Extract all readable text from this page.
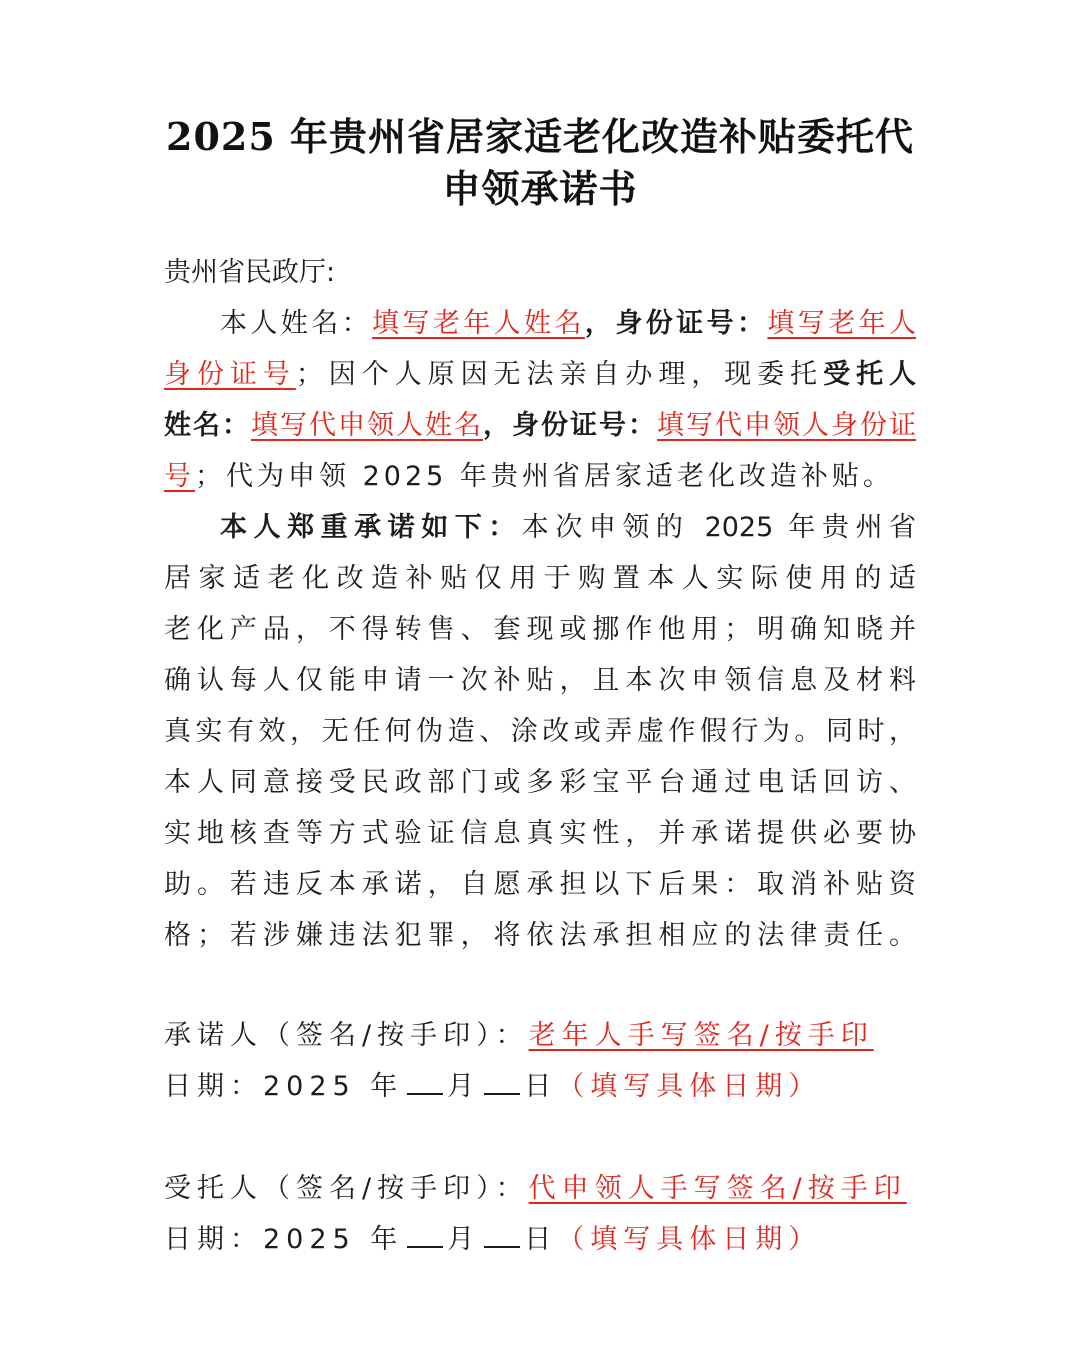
2025 年贵州省居家适老化改造补贴委托代
申领承诺书
贵州省民政厅:
本人姓名：填写老年人姓名，身份证号：填写老年人
身份证号；因个人原因无法亲自办理，现委托受托人
姓名：填写代申领人姓名，身份证号：填写代申领人身份证
号；代为申领 2025 年贵州省居家适老化改造补贴。
本人郑重承诺如下：本次申领的 2025 年贵州省
居家适老化改造补贴仅用于购置本人实际使用的适
老化产品，不得转售、套现或挪作他用；明确知晓并
确认每人仅能申请一次补贴，且本次申领信息及材料
真实有效，无任何伪造、涂改或弄虚作假行为。同时，
本人同意接受民政部门或多彩宝平台通过电话回访、
实地核查等方式验证信息真实性，并承诺提供必要协
助。若违反本承诺，自愿承担以下后果：取消补贴资
格；若涉嫌违法犯罪，将依法承担相应的法律责任。
承诺人（签名/按手印）：老年人手写签名/按手印
日期：2025 年 月 日（填写具体日期）
受托人（签名/按手印）：代申领人手写签名/按手印
日期：2025 年 月 日（填写具体日期）
